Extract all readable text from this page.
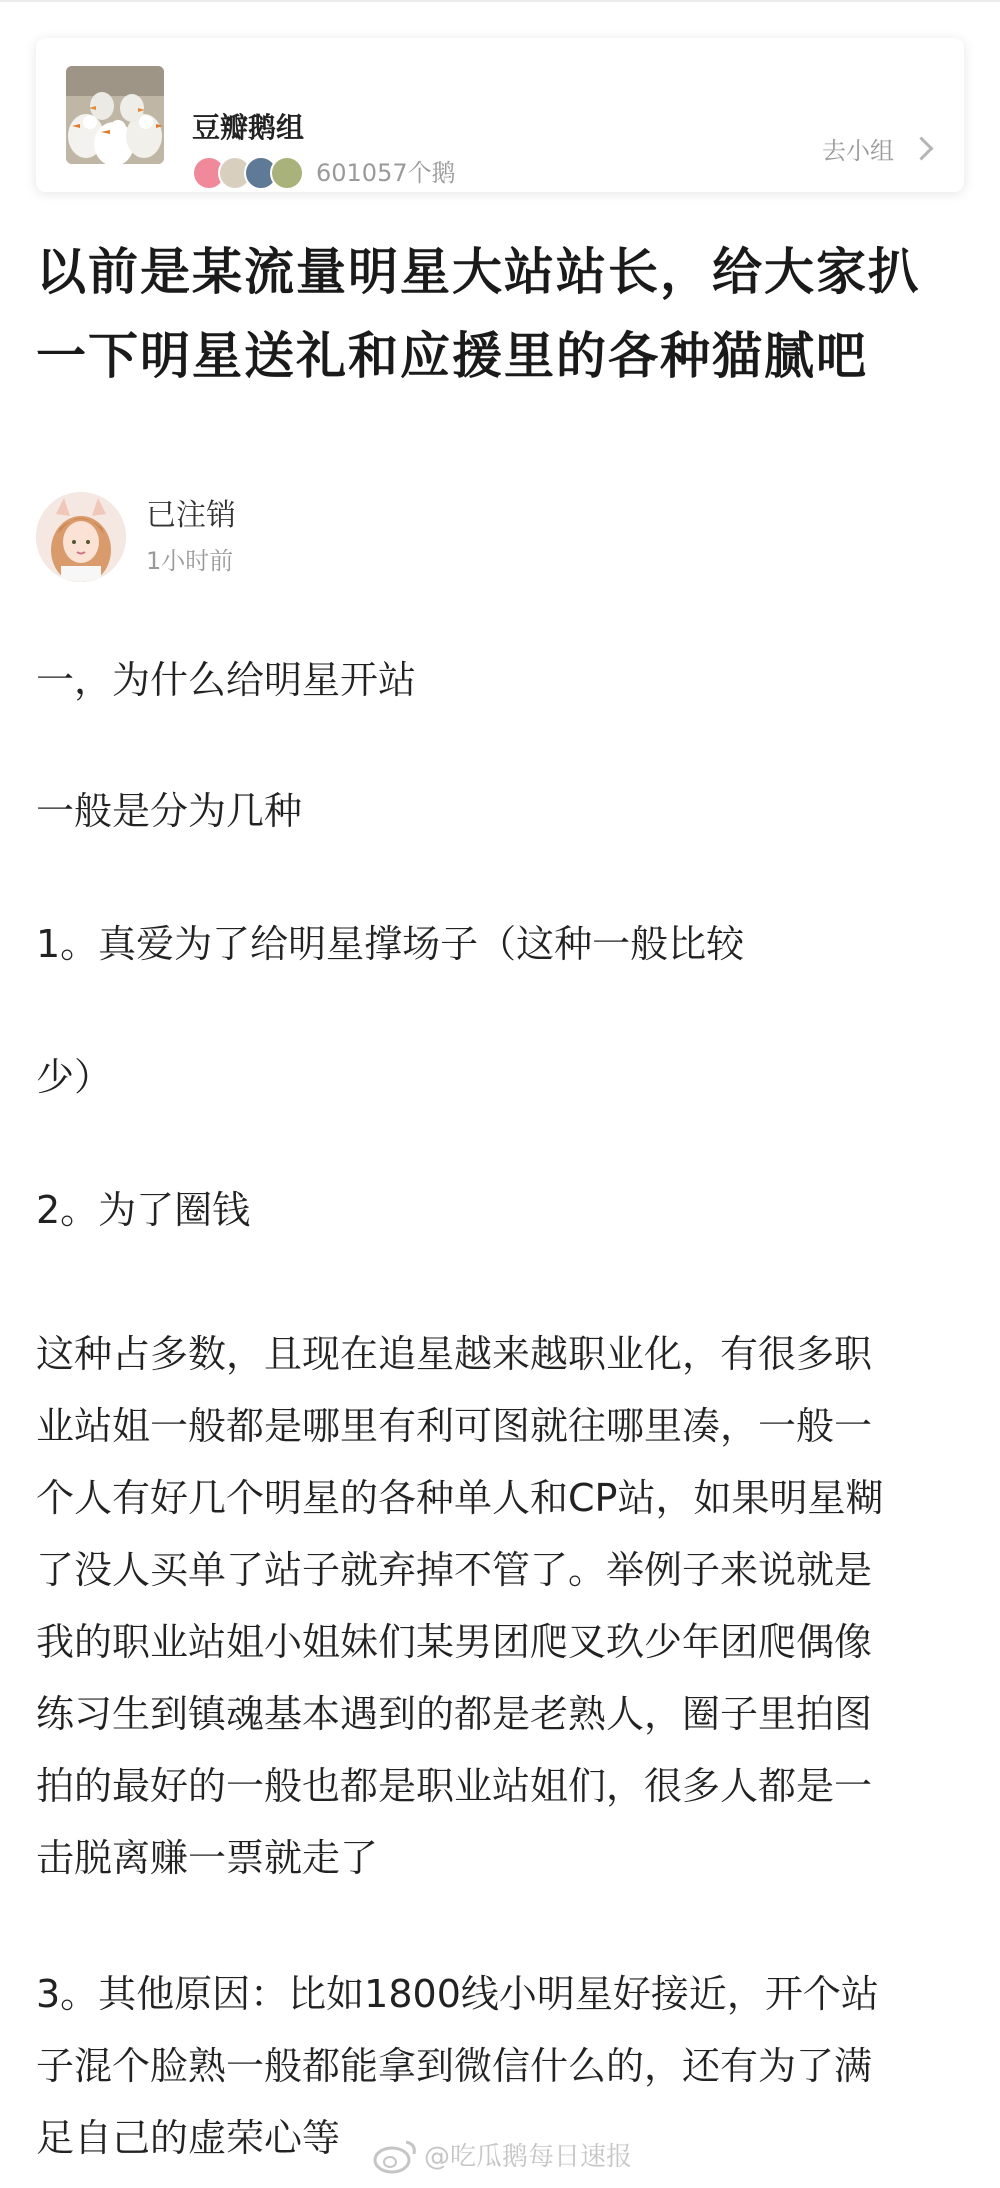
豆瓣鹅组
601057个鹅
去小组
以前是某流量明星大站站长，给大家扒一下明星送礼和应援里的各种猫腻吧
已注销
1小时前
一，为什么给明星开站
一般是分为几种
1。真爱为了给明星撑场子（这种一般比较
少）
2。为了圈钱
这种占多数，且现在追星越来越职业化，有很多职
业站姐一般都是哪里有利可图就往哪里凑，一般一
个人有好几个明星的各种单人和CP站，如果明星糊
了没人买单了站子就弃掉不管了。举例子来说就是
我的职业站姐小姐妹们某男团爬叉玖少年团爬偶像
练习生到镇魂基本遇到的都是老熟人，圈子里拍图
拍的最好的一般也都是职业站姐们，很多人都是一
击脱离赚一票就走了
3。其他原因：比如1800线小明星好接近，开个站
子混个脸熟一般都能拿到微信什么的，还有为了满
足自己的虚荣心等	@吃瓜鹅每日速报
